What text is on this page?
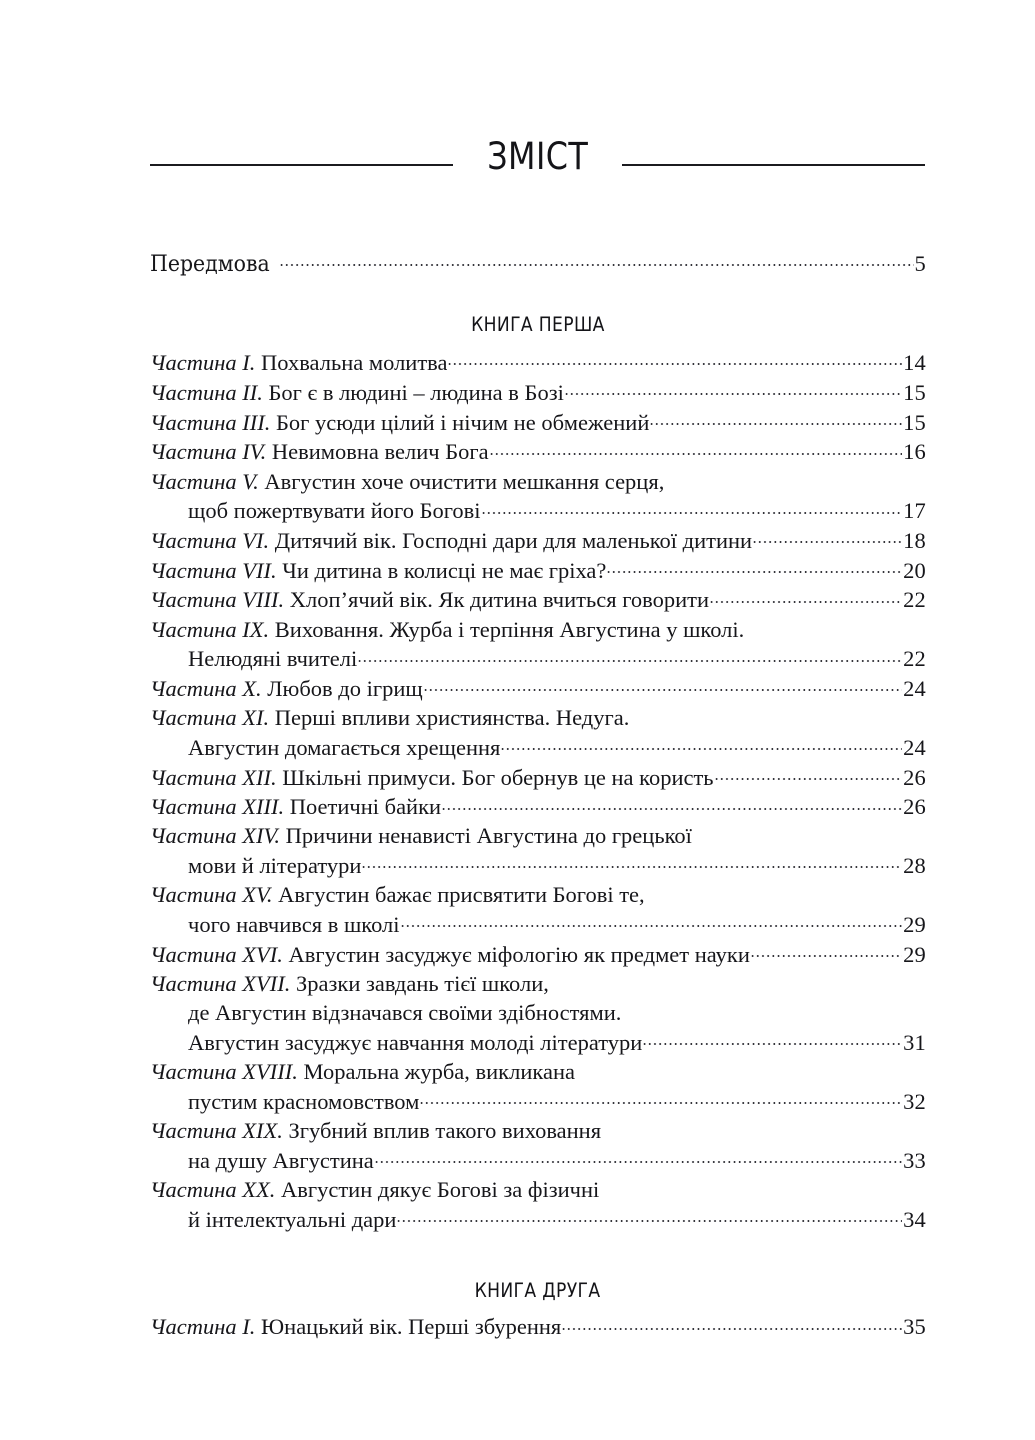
ЗМІСТ
Передмова	5
КНИГА ПЕРША
Частина I. Похвальна молитва	14
Частина II. Бог є в людині – людина в Бозі	15
Частина III. Бог усюди цілий і нічим не обмежений	15
Частина IV. Невимовна велич Бога	16
Частина V. Августин хоче очистити мешкання серця,
щоб пожертвувати його Богові	17
Частина VI. Дитячий вік. Господні дари для маленької дитини	18
Частина VII. Чи дитина в колисці не має гріха?	20
Частина VIII. Хлоп’ячий вік. Як дитина вчиться говорити	22
Частина IX. Виховання. Журба і терпіння Августина у школі.
Нелюдяні вчителі	22
Частина X. Любов до ігрищ	24
Частина XI. Перші впливи християнства. Недуга.
Августин домагається хрещення	24
Частина XII. Шкільні примуси. Бог обернув це на користь	26
Частина XIII. Поетичні байки	26
Частина XIV. Причини ненависті Августина до грецької
мови й літератури	28
Частина XV. Августин бажає присвятити Богові те,
чого навчився в школі	29
Частина XVI. Августин засуджує міфологію як предмет науки	29
Частина XVII. Зразки завдань тієї школи,
де Августин відзначався своїми здібностями.
Августин засуджує навчання молоді літератури	31
Частина XVIII. Моральна журба, викликана
пустим красномовством	32
Частина XIX. Згубний вплив такого виховання
на душу Августина	33
Частина XX. Августин дякує Богові за фізичні
й інтелектуальні дари	34
КНИГА ДРУГА
Частина I. Юнацький вік. Перші збурення	35
